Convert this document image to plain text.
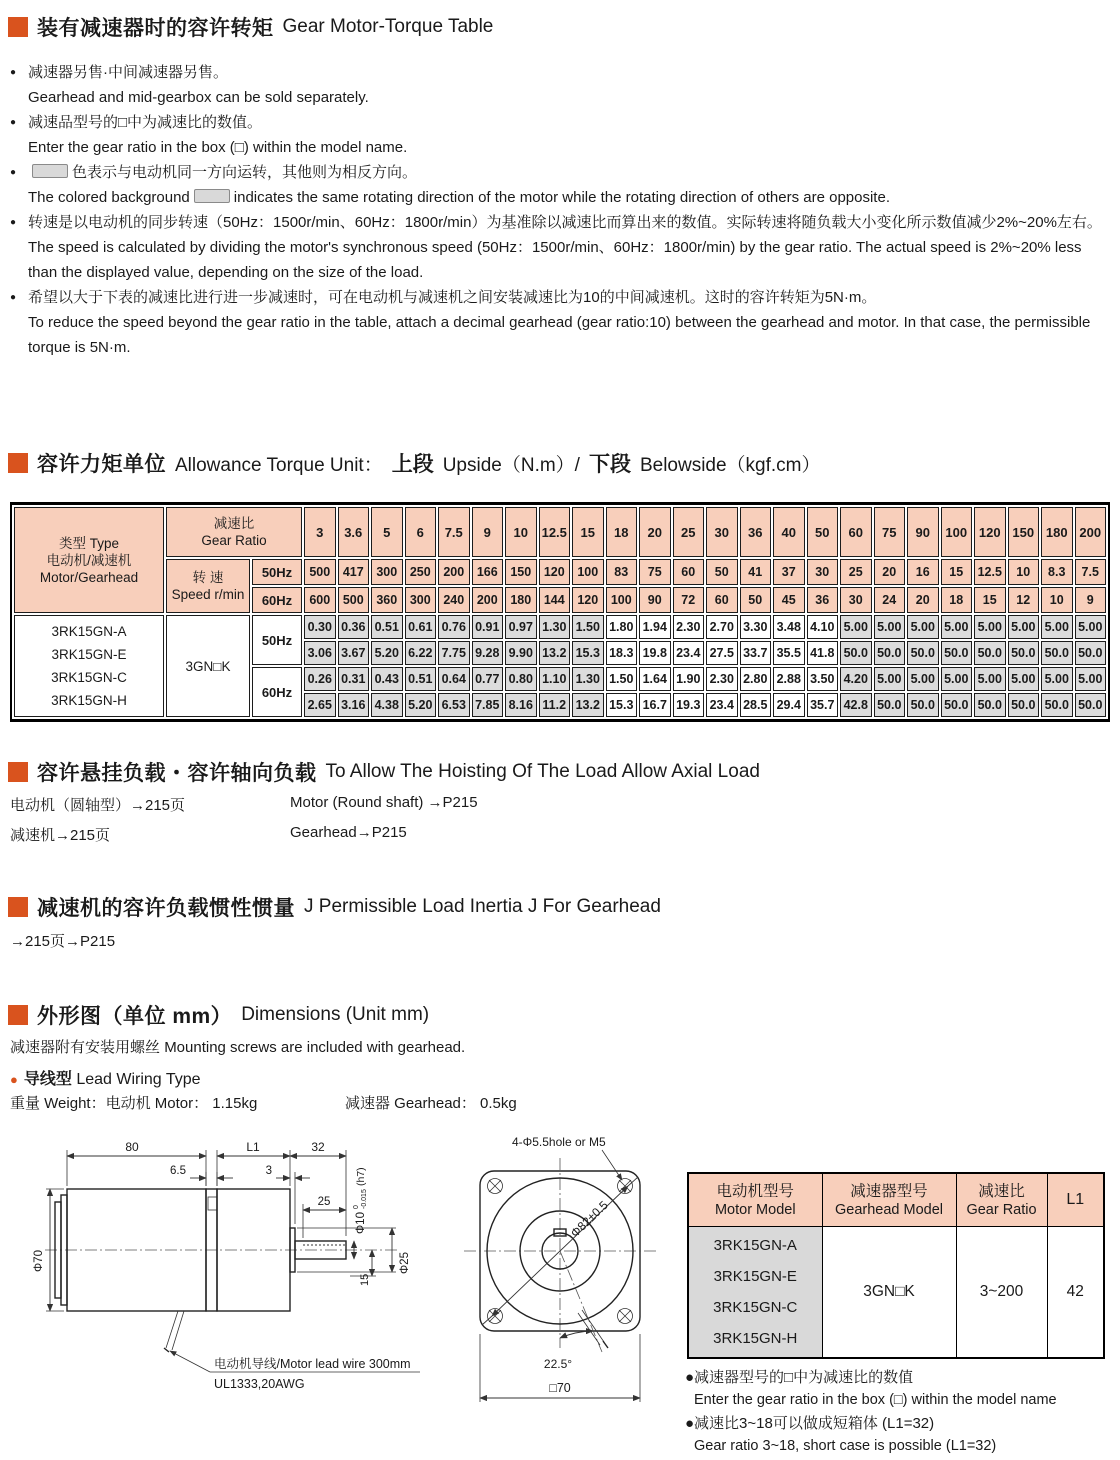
装有减速器时的容许转矩 Gear Motor-Torque Table
● 减速器另售·中间减速器另售。
Gearhead and mid-gearbox can be sold separately.
● 减速品型号的□中为减速比的数值。
Enter the gear ratio in the box (□) within the model name.
●	色表示与电动机同一方向运转，其他则为相反方向。
The colored background	indicates the same rotating direction of the motor while the rotating direction of others are opposite.
● 转速是以电动机的同步转速（50Hz：1500r/min、60Hz：1800r/min）为基准除以减速比而算出来的数值。实际转速将随负载大小变化所示数值减少2%~20%左右。
The speed is calculated by dividing the motor's synchronous speed (50Hz：1500r/min、60Hz：1800r/min) by the gear ratio. The actual speed is 2%~20% less than the displayed value, depending on the size of the load.
● 希望以大于下表的减速比进行进一步减速时，可在电动机与减速机之间安装减速比为10的中间减速机。这时的容许转矩为5N·m。
To reduce the speed beyond the gear ratio in the table, attach a decimal gearhead (gear ratio:10) between the gearhead and motor. In that case, the permissible torque is 5N·m.
容许力矩单位 Allowance Torque Unit： 上段 Upside（N.m）/ 下段 Belowside（kgf.cm）
类型 Type
电动机/减速机
Motor/Gearhead

减速比
Gear Ratio
	3	3.6	5	6	7.5	9	10	12.5	15	18	20	25	30	36	40	50	60	75	90	100	120	150	180	200

	转 速
Speed r/min	50Hz	500	417	300	250	200	166	150	120	100	83	75	60	50	41	37	30	25	20	16	15	12.5	10	8.3	7.5
		60Hz	600	500	360	300	240	200	180	144	120	100	90	72	60	50	45	36	30	24	20	18	15	12	10	9

3RK15GN-A
3RK15GN-E
3RK15GN-C
3RK15GN-H	3GN□K	50Hz	0.30	0.36	0.51	0.61	0.76	0.91	0.97	1.30	1.50	1.80	1.94	2.30	2.70	3.30	3.48	4.10	5.00	5.00	5.00	5.00	5.00	5.00	5.00	5.00
			3.06	3.67	5.20	6.22	7.75	9.28	9.90	13.2	15.3	18.3	19.8	23.4	27.5	33.7	35.5	41.8	50.0	50.0	50.0	50.0	50.0	50.0	50.0	50.0
		60Hz	0.26	0.31	0.43	0.51	0.64	0.77	0.80	1.10	1.30	1.50	1.64	1.90	2.30	2.80	2.88	3.50	4.20	5.00	5.00	5.00	5.00	5.00	5.00	5.00
			2.65	3.16	4.38	5.20	6.53	7.85	8.16	11.2	13.2	15.3	16.7	19.3	23.4	28.5	29.4	35.7	42.8	50.0	50.0	50.0	50.0	50.0	50.0	50.0
容许悬挂负载・容许轴向负载 To Allow The Hoisting Of The Load Allow Axial Load
电动机（圆轴型）→215页	Motor (Round shaft) →P215
减速机→215页	Gearhead→P215
减速机的容许负载惯性惯量 J Permissible Load Inertia J For Gearhead
→215页→P215
外形图（单位 mm） Dimensions (Unit mm)
减速器附有安装用螺丝 Mounting screws are included with gearhead.
● 导线型 Lead Wiring Type
重量 Weight：电动机 Motor： 1.15kg	减速器 Gearhead： 0.5kg
80	L1	32
6.5	3
25
Φ10
0 -0.015
(h7)
15
Φ25
Φ70
电动机导线/Motor lead wire 300mm
UL1333,20AWG
4-Φ5.5hole or M5
Φ82±0.5
22.5°
□70
电动机型号
Motor Model	减速器型号
Gearhead Model	减速比
Gear Ratio	L1

3RK15GN-A
3RK15GN-E
3RK15GN-C
3RK15GN-H	3GN□K	3~200	42
●减速器型号的□中为减速比的数值
Enter the gear ratio in the box (□) within the model name
●减速比3~18可以做成短箱体 (L1=32)
Gear ratio 3~18, short case is possible (L1=32)
